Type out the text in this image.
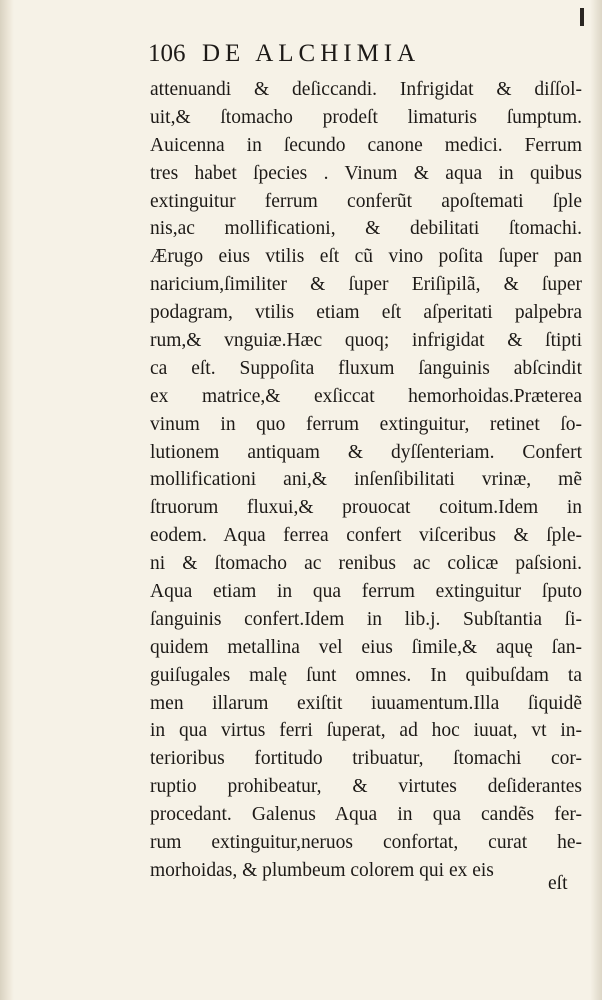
106 DE ALCHIMIA
attenuandi & deſiccandi. Infrigidat & diſſol-
uit,& ſtomacho prodeſt limaturis ſumptum.
Auicenna in ſecundo canone medici. Ferrum
tres habet ſpecies . Vinum & aqua in quibus
extinguitur ferrum conferũt apoſtemati ſple
nis,ac mollificationi, & debilitati ſtomachi.
Ærugo eius vtilis eſt cũ vino poſita ſuper pan
naricium,ſimiliter & ſuper Eriſipilã, & ſuper
podagram, vtilis etiam eſt aſperitati palpebra
rum,& vnguiæ.Hæc quoq; infrigidat & ſtipti
ca eſt. Suppoſita fluxum ſanguinis abſcindit
ex matrice,& exſiccat hemorhoidas.Præterea
vinum in quo ferrum extinguitur, retinet ſo-
lutionem antiquam & dyſſenteriam. Confert
mollificationi ani,& inſenſibilitati vrinæ, mẽ
ſtruorum fluxui,& prouocat coitum.Idem in
eodem. Aqua ferrea confert viſceribus & ſple-
ni & ſtomacho ac renibus ac colicæ paſsioni.
Aqua etiam in qua ferrum extinguitur ſputo
ſanguinis confert.Idem in lib.j. Subſtantia ſi-
quidem metallina vel eius ſimile,& aquę ſan-
guiſugales malę ſunt omnes. In quibuſdam ta
men illarum exiſtit iuuamentum.Illa ſiquidẽ
in qua virtus ferri ſuperat, ad hoc iuuat, vt in-
terioribus fortitudo tribuatur, ſtomachi cor-
ruptio prohibeatur, & virtutes deſiderantes
procedant. Galenus Aqua in qua candẽs fer-
rum extinguitur,neruos confortat, curat he-
morhoidas, & plumbeum colorem qui ex eis
eſt
